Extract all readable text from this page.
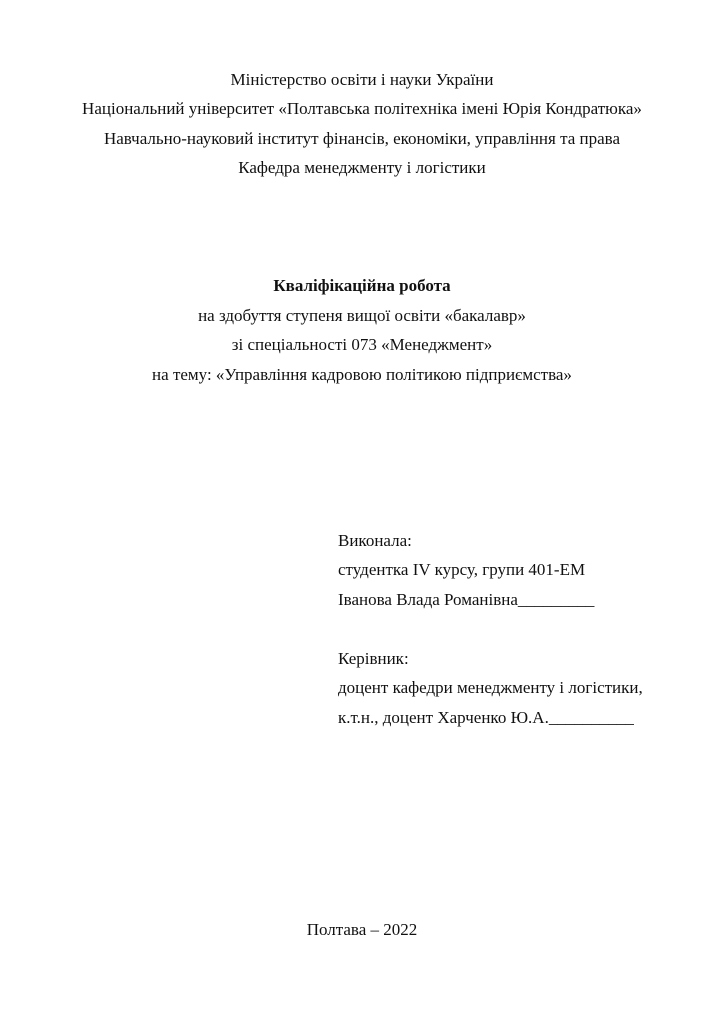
Міністерство освіти і науки України
Національний університет «Полтавська політехніка імені Юрія Кондратюка»
Навчально-науковий інститут фінансів, економіки, управління та права
Кафедра менеджменту і логістики
Кваліфікаційна робота
на здобуття ступеня вищої освіти «бакалавр»
зі спеціальності 073 «Менеджмент»
на тему: «Управління кадровою політикою підприємства»
Виконала:
студентка IV курсу, групи 401-ЕМ
Іванова Влада Романівна_________
Керівник:
доцент кафедри менеджменту і логістики,
к.т.н., доцент Харченко Ю.А.__________
Полтава – 2022
